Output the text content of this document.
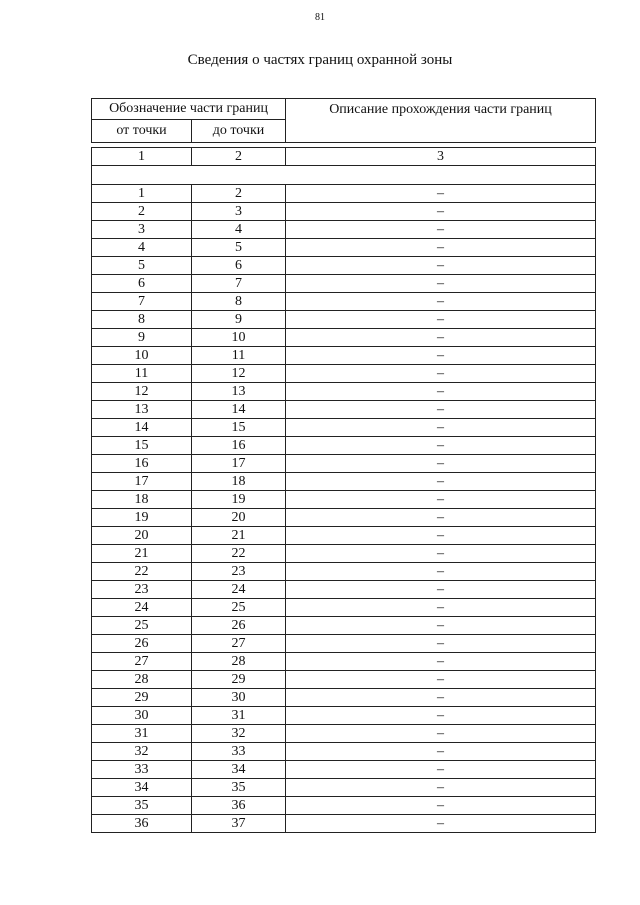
81
Сведения о частях границ охранной зоны
Обозначение части границ		Описание прохождения части границ
от точки	до точки	

1	2	3

1	2	–
2	3	–
3	4	–
4	5	–
5	6	–
6	7	–
7	8	–
8	9	–
9	10	–
10	11	–
11	12	–
12	13	–
13	14	–
14	15	–
15	16	–
16	17	–
17	18	–
18	19	–
19	20	–
20	21	–
21	22	–
22	23	–
23	24	–
24	25	–
25	26	–
26	27	–
27	28	–
28	29	–
29	30	–
30	31	–
31	32	–
32	33	–
33	34	–
34	35	–
35	36	–
36	37	–
